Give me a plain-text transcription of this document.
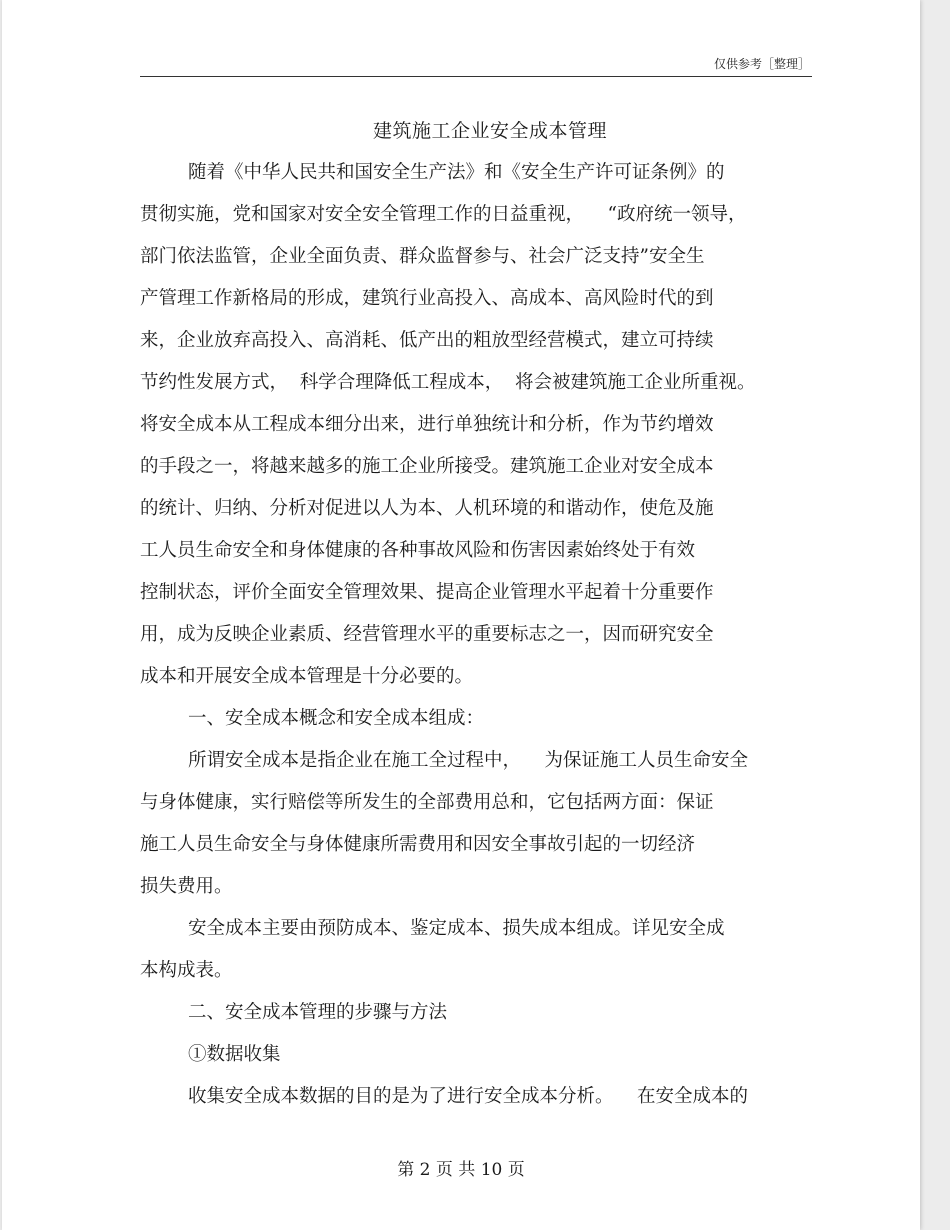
仅供参考［整理］
建筑施工企业安全成本管理
随着《中华人民共和国安全生产法》和《安全生产许可证条例》的
贯彻实施，党和国家对安全安全管理工作的日益重视，    “政府统一领导，
部门依法监管，企业全面负责、群众监督参与、社会广泛支持”安全生
产管理工作新格局的形成，建筑行业高投入、高成本、高风险时代的到
来，企业放弃高投入、高消耗、低产出的粗放型经营模式，建立可持续
节约性发展方式，  科学合理降低工程成本，  将会被建筑施工企业所重视。
将安全成本从工程成本细分出来，进行单独统计和分析，作为节约增效
的手段之一，将越来越多的施工企业所接受。建筑施工企业对安全成本
的统计、归纳、分析对促进以人为本、人机环境的和谐动作，使危及施
工人员生命安全和身体健康的各种事故风险和伤害因素始终处于有效
控制状态，评价全面安全管理效果、提高企业管理水平起着十分重要作
用，成为反映企业素质、经营管理水平的重要标志之一，因而研究安全
成本和开展安全成本管理是十分必要的。
一、安全成本概念和安全成本组成：
所谓安全成本是指企业在施工全过程中，    为保证施工人员生命安全
与身体健康，实行赔偿等所发生的全部费用总和，它包括两方面：保证
施工人员生命安全与身体健康所需费用和因安全事故引起的一切经济
损失费用。
安全成本主要由预防成本、鉴定成本、损失成本组成。详见安全成
本构成表。
二、安全成本管理的步骤与方法
①数据收集
收集安全成本数据的目的是为了进行安全成本分析。    在安全成本的
第 2 页 共 10 页
